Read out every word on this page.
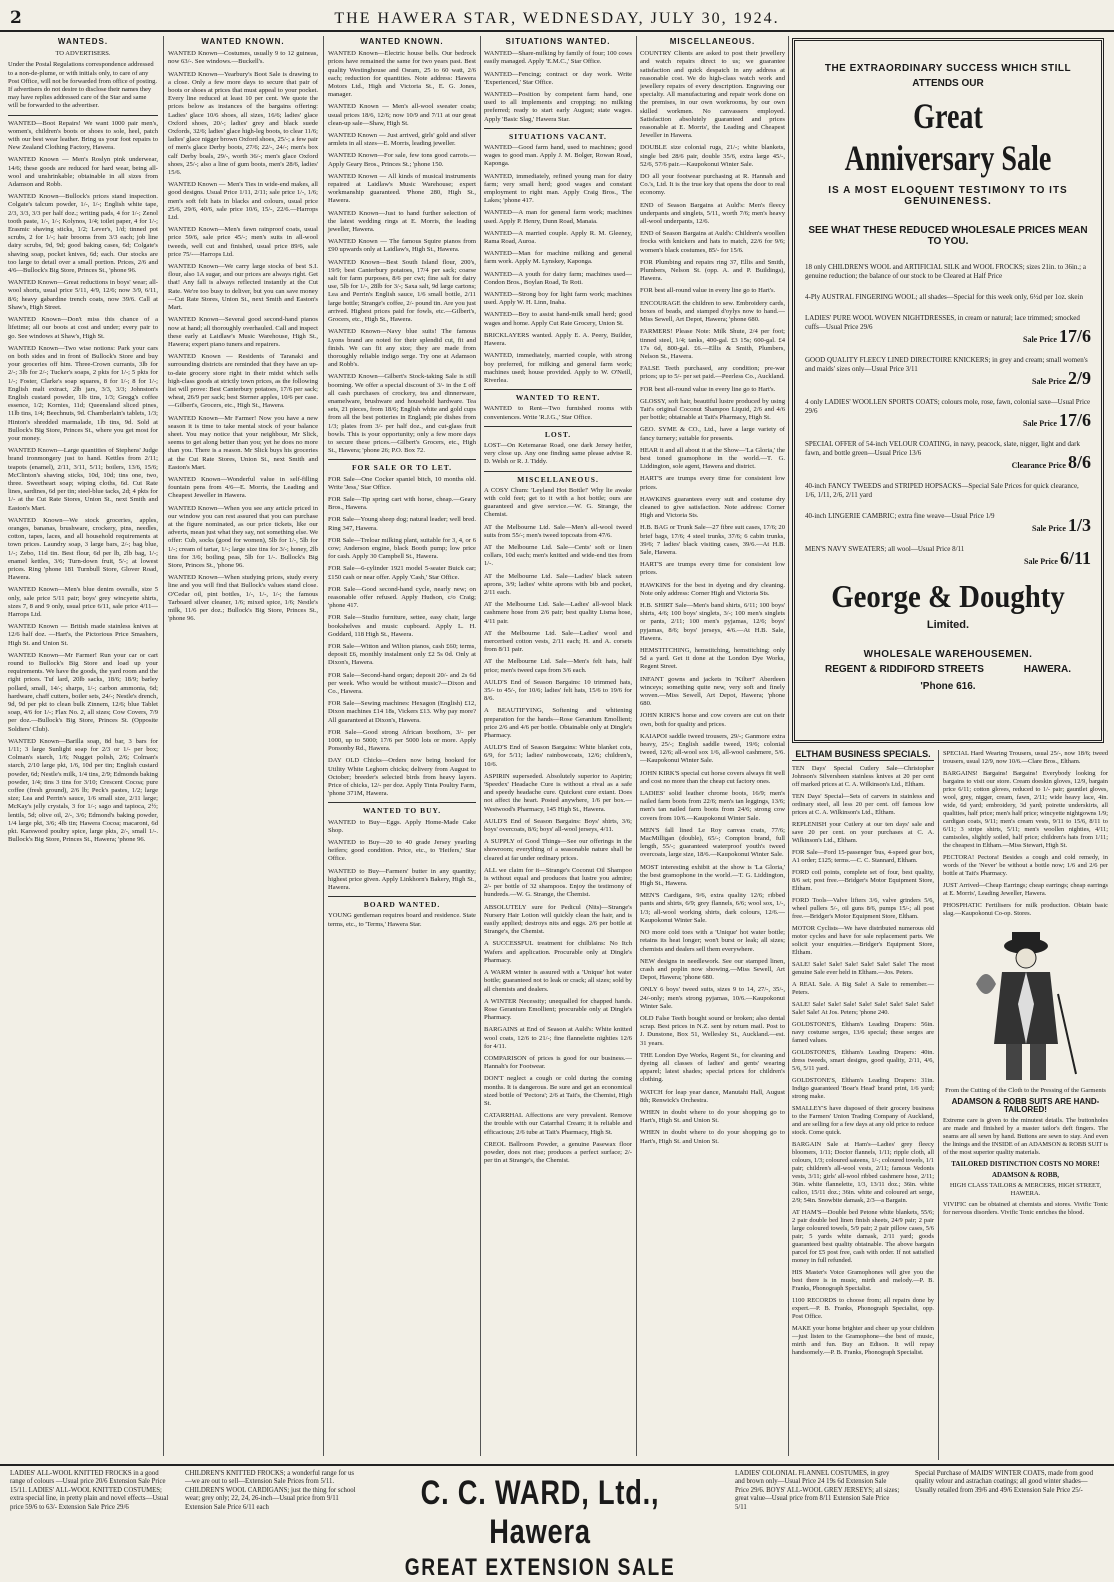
2	THE HAWERA STAR, WEDNESDAY, JULY 30, 1924.
WANTEDS.
TO ADVERTISERS.
Under the Postal Regulations correspondence addressed to a non-de-plume, or with initials only, to care of any Post Office, will not be forwarded from office of posting. If advertisers do not desire to disclose their names they may have replies addressed care of the Star and same will be forwarded to the advertiser.
WANTED—Boot Repairs! We want 1000 pair men's, women's, children's boots or shoes to sole, heel, patch with our best wear leather. Bring us your foot repairs to New Zealand Clothing Factory, Hawera.
WANTED Known — Men's Roslyn pink underwear, 14/6; these goods are reduced for hard wear, being all-wool and unshrinkable; obtainable in all sizes from Adamson and Robb.
WANTED Known—Bullock's prices stand inspection. Colgate's talcum powder, 1/-, 1/-; English white tape, 2/3, 3/3, 3/3 per half doz.; writing pads, 4 for 1/-; Zenol tooth paste, 1/-, 1/-; Kolynos, 1/4; toilet paper, 4 for 1/-; Erasmic shaving sticks, 1/2; Lever's, 1/d; tinned pot scrubs, 2 for 1/-; hair brooms from 3/3 each; job line dairy scrubs, 9d, 9d; good baking cases, 6d; Colgate's shaving soap, pocket knives, 6d; each. Our stocks are too large to detail over a small portion. Prices, 2/6 and 4/6—Bullock's Big Store, Princes St., 'phone 96.
WANTED Known—Great reductions in boys' wear; all-wool shorts, usual price 5/11, 4/9, 12/6; now 3/9, 6/11, 8/6; heavy gabardine trench coats, now 39/6. Call at Shaw's, High Street.
WANTED Known—Don't miss this chance of a lifetime; all our boots at cost and under; every pair to go. See windows at Shaw's, High St.
WANTED Known—Two wise notions: Park your cars on both sides and in front of Bullock's Store and buy your groceries off him. Three-Crown currants, 3lb for 2/-; 3lb for 2/-; Tucker's soaps, 2 pkts for 1/-; 5 pkts for 1/-; Foster, Clarke's soap squares, 8 for 1/-; 8 for 1/-; English malt extract, 2lb jars, 3/3, 3/3; Johnston's English custard powder, 1lb tins, 1/3; Gregg's coffee essence, 1/2; Kornies, 11d; Queensland sliced pines, 11lb tins, 1/4; Beechnuts, 9d. Chamberlain's tablets, 1/3; Hinton's shredded marmalade, 1lb tins, 9d. Sold at Bullock's Big Store, Princes St., where you get most for your money.
WANTED Known—Large quantities of Stephens' Judge brand ironmongery just to hand. Kettles from 2/11; teapots (enamel), 2/11, 3/11, 5/11; boilers, 13/6, 15/6; McClinton's shaving sticks, 10d, 10d; tins one, two, three. Sweetheart soap; wiping cloths, 6d. Cut Rate lines, sardines, 6d per tin; steel-blue tacks, 2d; 4 pkts for 1/- at the Cut Rate Stores, Union St., next Smith and Easton's Mart.
WANTED Known—We stock groceries, apples, oranges, bananas, brushware, crockery, pins, needles, cotton, tapes, laces, and all household requirements at town prices. Laundry soap, 3 large bars, 2/-; bag blue, 1/-; Zebo, 11d tin. Best flour, 6d per lb, 2lb bag, 1/-; enamel kettles, 3/6; Turn-down fruit, 5/-; at lowest prices. Ring 'phone 181 Turnbull Store, Glover Road, Hawera.
WANTED Known—Men's blue denim overalls, size 5 only, sale price 5/11 pair; boys' grey wincyette shirts, sizes 7, 8 and 9 only, usual price 6/11, sale price 4/11—Harrops Ltd.
WANTED Known — British made stainless knives at 12/6 half doz. —Hart's, the Pictorious Price Smashers, High St. and Union St.
WANTED Known—Mr Farmer! Run your car or cart round to Bullock's Big Store and load up your requirements. We have the goods, the yard room and the right prices. Tuf lard, 20lb sacks, 18/6; 18/9; barley pollard, small, 14/-; sharps, 1/-; carbon ammonia, 6d; hardware, chaff cutters, boiler sets, 24/-; Nestle's drench, 9d, 9d per pkt to clean bulk Zinnem, 12/6; blue Tablet soap, 4/6 for 1/-; Flax No. 2, all sizes; Cow Covers, 7/9 per doz.—Bullock's Big Store, Princes St. (Opposite Soldiers' Club).
WANTED Known—Barilla soap, 8d bar, 3 bars for 1/11; 3 large Sunlight soap for 2/3 or 1/- per box; Colman's starch, 1/6; Nugget polish, 2/6; Colman's starch, 2/10 large pkt, 1/6, 10d per tin; English custard powder, 6d; Nestle's milk, 1/4 tins, 2/9; Edmonds baking powder, 1/4; tins 3 tins for 3/10; Crescent Cocoa; pure coffee (fresh ground), 2/6 lb; Peck's pastes, 1/2; large size; Lea and Perrin's sauce, 1/6 small size, 2/11 large; McKay's jelly crystals, 3 for 1/-; sago and tapioca, 2½; lentils, 5d; olive oil, 2/-, 3/6; Edmond's baking powder, 1/4 large pkt, 3/6; 4lb tin; Hawera Cocoa; macaroni, 6d pkt. Karswood poultry spice, large pkts, 2/-, small 1/-. Bullock's Big Store, Princes St., Hawera; 'phone 96.
WANTED KNOWN.
WANTED Known—Costumes, usually 9 to 12 guineas, now 63/-. See windows.—Buckell's.
WANTED Known—Yearbury's Boot Sale is drawing to a close. Only a few more days to secure that pair of boots or shoes at prices that must appeal to your pocket. Every line reduced at least 10 per cent. We quote the prices below as instances of the bargains offering: Ladies' glace 10/6 shoes, all sizes, 16/6; ladies' glace Oxford shoes, 20/-; ladies' grey and black suede Oxfords, 32/6; ladies' glace high-leg boots, to clear 11/6; ladies' glace nigger brown Oxford shoes, 25/-; a few pair of men's glace Derby boots, 27/6; 22/-, 24/-; men's box calf Derby boals, 29/-, worth 36/-; men's glace Oxford shoes, 25/-; also a line of gum boots, men's 28/6, ladies' 15/6.
WANTED Known — Men's Ties in wide-end makes, all good designs. Usual Price 1/11, 2/11; sale price 1/-, 1/6; men's soft felt hats in blacks and colours, usual price 25/6, 29/6, 40/6, sale price 10/6, 15/-, 22/6.—Harrops Ltd.
WANTED Known—Men's fawn rainproof coats, usual price 59/6, sale price 45/-; men's suits in all-wool tweeds, well cut and finished, usual price 89/6, sale price 75/-—Harrops Ltd.
WANTED Known—We carry large stocks of best S.I. flour, also 1A sugar, and our prices are always right. Get that! Any fall is always reflected instantly at the Cut Rate. We're too busy to deliver, but you can save money—Cut Rate Stores, Union St., next Smith and Easton's Mart.
WANTED Known—Several good second-hand pianos now at hand; all thoroughly overhauled. Call and inspect these early at Laidlaw's Music Warehouse, High St., Hawera; expert piano tuners and repairers.
WANTED Known — Residents of Taranaki and surrounding districts are reminded that they have an up-to-date grocery store right in their midst which sells high-class goods at strictly town prices, as the following list will prove: Best Canterbury potatoes, 17/6 per sack; wheat, 26/9 per sack; best Sterner apples, 10/6 per case.—Gilbert's, Grocers, etc., High St., Hawera.
WANTED Known—Mr Farmer! Now you have a new season it is time to take mental stock of your balance sheet. You may notice that your neighbour, Mr Slick, seems to get along better than you; yet he does no more than you. There is a reason. Mr Slick buys his groceries at the Cut Rate Stores, Union St., next Smith and Easton's Mart.
WANTED Known—Wonderful value in self-filling fountain pens from 4/6—E. Morris, the Leading and Cheapest Jeweller in Hawera.
WANTED Known—When you see any article priced in our window you can rest assured that you can purchase at the figure nominated, as our price tickets, like our adverts, mean just what they say, not something else. We offer: Cub, socks (good for women), 5lb for 1/-, 5lb for 1/-; cream of tartar, 1/-; large size tins for 3/-; honey, 2lb tins for 3/6; boiling peas, 5lb for 1/-. Bullock's Big Store, Princes St., 'phone 96.
WANTED Known—When studying prices, study every line and you will find that Bullock's values stand close. O'Cedar oil, pint bottles, 1/-, 1/-, 1/-; the famous Tarboard silver cleaner, 1/6; mixed spice, 1/6; Nestle's milk, 11/6 per doz.; Bullock's Big Store, Princes St., 'phone 96.
WANTED KNOWN.
WANTED Known—Electric house bells. Our bedrock prices have remained the same for two years past. Best quality Westinghouse and Osram, 25 to 60 watt, 2/6 each; reduction for quantities. Note address: Hawera Motors Ltd., High and Victoria St., E. G. Jones, manager.
WANTED Known — Men's all-wool sweater coats; usual prices 18/6, 12/6; now 10/9 and 7/11 at our great clean-up sale—Shaw, High St.
WANTED Known — Just arrived, girls' gold and silver armlets in all sizes—E. Morris, leading jeweller.
WANTED Known—For sale, few tons good carrots.—Apply Geary Bros., Princes St.; 'phone 150.
WANTED Known — All kinds of musical instruments repaired at Laidlaw's Music Warehouse; expert workmanship guaranteed. 'Phone 280, High St., Hawera.
WANTED Known—Just to hand further selection of the latest wedding rings at E. Morris, the leading jeweller, Hawera.
WANTED Known — The famous Squire pianos from £90 upwards only at Laidlaw's, High St., Hawera.
WANTED Known—Best South Island flour, 200's, 19/9; best Canterbury potatoes, 17/4 per sack; coarse salt for farm purposes, 8/6 per cwt; fine salt for dairy use, 5lb for 1/-, 28lb for 3/-; Saxa salt, 9d large cartons; Lea and Perrin's English sauce, 1/6 small bottle, 2/11 large bottle; Strange's coffee, 2/- pound tin. Are you just arrived. Highest prices paid for fowls, etc.—Gilbert's, Grocers, etc., High St., Hawera.
WANTED Known—Navy blue suits! The famous Lyons brand are noted for their splendid cut, fit and finish. We can fit any size; they are made from thoroughly reliable indigo serge. Try one at Adamson and Robb's.
WANTED Known—Gilbert's Stock-taking Sale is still booming. We offer a special discount of 3/- in the £ off all cash purchases of crockery, tea and dinnerware, enamelware, brushware and household hardware. Tea sets, 21 pieces, from 18/6; English white and gold cups from all the best potteries in England; pie dishes from 1/3; plates from 3/- per half doz., and cut-glass fruit bowls. This is your opportunity; only a few more days to secure these prices.—Gilbert's Grocers, etc., High St., Hawera; 'phone 26; P.O. Box 72.
FOR SALE OR TO LET.
FOR Sale—One Cocker spaniel bitch, 10 months old. Write 'Jess,' Star Office.
FOR Sale—Tip spring cart with horse, cheap.—Geary Bros., Hawera.
FOR Sale—Young sheep dog; natural leader; well bred. Ring 347, Hawera.
FOR Sale—Treloar milking plant, suitable for 3, 4, or 6 cow; Anderson engine, black Booth pump; low price for cash. Apply 30 Campbell St., Hawera.
FOR Sale—6-cylinder 1921 model 5-seater Buick car; £150 cash or near offer. Apply 'Cash,' Star Office.
FOR Sale—Good second-hand cycle, nearly new; on reasonable offer refused. Apply Hudson, c/o Craig; 'phone 417.
FOR Sale—Studio furniture, settee, easy chair, large bookshelves and music cupboard. Apply L. H. Goddard, 118 High St., Hawera.
FOR Sale—Witton and Wilton pianos, cash £60; terms, deposit £6, monthly instalment only £2 5s 0d. Only at Dixon's, Hawera.
FOR Sale—Second-hand organ; deposit 20/- and 2s 6d per week. Who would be without music?—Dixon and Co., Hawera.
FOR Sale—Sewing machines: Hexagon (English) £12, Dixon machines £14 18s, Vickers £13. Why pay more? All guaranteed at Dixon's, Hawera.
FOR Sale—Good strong African boxthorn, 3/- per 1000, up to 5000; 17/6 per 5000 lots or more. Apply Ponsonby Rd., Hawera.
DAY OLD Chicks—Orders now being booked for Utility White Leghorn chicks; delivery from August to October; breeder's selected birds from heavy layers. Price of chicks, 12/- per doz. Apply Tinta Poultry Farm, 'phone 371M, Hawera.
WANTED TO BUY.
WANTED to Buy—Eggs. Apply Home-Made Cake Shop.
WANTED to Buy—20 to 40 grade Jersey yearling heifers; good condition. Price, etc., to 'Heifers,' Star Office.
WANTED to Buy—Farmers' butter in any quantity; highest price given. Apply Linkhorn's Bakery, High St., Hawera.
BOARD WANTED.
YOUNG gentleman requires board and residence. State terms, etc., to 'Terms,' Hawera Star.
SITUATIONS WANTED.
WANTED—Share-milking by family of four; 100 cows easily managed. Apply 'E.M.C.,' Star Office.
WANTED—Fencing; contract or day work. Write 'Experienced,' Star Office.
WANTED—Position by competent farm hand, one used to all implements and cropping; no milking preferred; ready to start early August; state wages. Apply 'Basic Slag,' Hawera Star.
SITUATIONS VACANT.
WANTED—Good farm hand, used to machines; good wages to good man. Apply J. M. Bolger, Rowan Road, Kaponga.
WANTED, immediately, refined young man for dairy farm; very small herd; good wages and constant employment to right man. Apply Craig Bros., The Lakes; 'phone 417.
WANTED—A man for general farm work; machines used. Apply P. Henry, Dunn Road, Manaia.
WANTED—A married couple. Apply R. M. Gleeney, Rama Road, Auroa.
WANTED—Man for machine milking and general farm work. Apply M. Lynskey, Kaponga.
WANTED—A youth for dairy farm; machines used—Condon Bros., Boylan Road, Te Roti.
WANTED—Strong boy for light farm work; machines used. Apply W. H. Linn, Inaha.
WANTED—Boy to assist hand-milk small herd; good wages and home. Apply Cut Rate Grocery, Union St.
BRICKLAYERS wanted. Apply E. A. Peery, Builder, Hawera.
WANTED, immediately, married couple, with strong boy preferred, for milking and general farm work; machines used; house provided. Apply to W. O'Neill, Riverlea.
WANTED TO RENT.
WANTED to Rent—Two furnished rooms with conveniences. Write 'R.J.G.,' Star Office.
LOST.
LOST—On Ketemarae Road, one dark Jersey heifer, very close up. Any one finding same please advise R. D. Welsh or R. J. Tiddy.
MISCELLANEOUS.
A COSY Chum: 'Leyland Hot Bottle!' Why lie awake with cold feet; get to it with a hot bottle; ours are guaranteed and give service.—W. G. Strange, the Chemist.
AT the Melbourne Ltd. Sale—Men's all-wool tweed suits from 55/-; men's tweed topcoats from 47/6.
AT the Melbourne Ltd. Sale—Cents' soft or linen collars, 10d each; men's knitted and wide-end ties from 1/-.
AT the Melbourne Ltd. Sale—Ladies' black sateen aprons, 3/9; ladies' white aprons with bib and pocket, 2/11 each.
AT the Melbourne Ltd. Sale—Ladies' all-wool black cashmere hose from 2/6 pair; best quality Lisma hose, 4/11 pair.
AT the Melbourne Ltd. Sale—Ladies' wool and mercerised cotton vests, 2/11 each; H. and A. corsets from 8/11 pair.
AT the Melbourne Ltd. Sale—Men's felt hats, half price; men's tweed caps from 3/6 each.
AULD'S End of Season Bargains: 10 trimmed hats, 35/- to 45/-, for 10/6; ladies' felt hats, 15/6 to 19/6 for 8/6.
A BEAUTIFYING, Softening and whitening preparation for the hands—Rose Geranium Emollient; price 2/6 and 4/6 per bottle. Obtainable only at Dingle's Pharmacy.
AULD'S End of Season Bargains: White blanket cots, 6/9, for 5/11; ladies' rainbowcoats, 12/6; children's, 10/6.
ASPIRIN superseded. Absolutely superior to Aspirin; 'Speedex' Headache Cure is without a rival as a safe and speedy headache cure. Quickest cure extant. Does not affect the heart. Posted anywhere, 1/6 per box.—Westwood's Pharmacy, 145 High St., Hawera.
AULD'S End of Season Bargains: Boys' shirts, 3/6; boys' overcoats, 8/6; boys' all-wool jerseys, 4/11.
A SUPPLY of Good Things—See our offerings in the showroom; everything of a seasonable nature shall be cleared at far under ordinary prices.
ALL we claim for it—Strange's Coconut Oil Shampoo is without equal and produces that lustre you admire; 2/- per bottle of 32 shampoos. Enjoy the testimony of hundreds.—W. G. Strange, the Chemist.
ABSOLUTELY sure for Pedicul (Nits)—Strange's Nursery Hair Lotion will quickly clean the hair, and is easily applied; destroys nits and eggs. 2/6 per bottle at Strange's, the Chemist.
A SUCCESSFUL treatment for chilblains: No Itch Wafers and application. Procurable only at Dingle's Pharmacy.
A WARM winter is assured with a 'Unique' hot water bottle; guaranteed not to leak or crack; all sizes; sold by all chemists and dealers.
A WINTER Necessity; unequalled for chapped hands. Rose Geranium Emollient; procurable only at Dingle's Pharmacy.
BARGAINS at End of Season at Auld's: White knitted wool coats, 12/6 to 21/-; fine flannelette nighties 12/6 for 4/11.
COMPARISON of prices is good for our business.—Hannah's for Footwear.
DON'T neglect a cough or cold during the coming months. It is dangerous. Be sure and get an economical sized bottle of 'Pectora'; 2/6 at Tait's, the Chemist, High St.
CATARRHAL Affections are very prevalent. Remove the trouble with our Catarrhal Cream; it is reliable and efficacious; 2/6 tube at Tait's Pharmacy, High St.
CREOL Ballroom Powder, a genuine Pasewax floor powder, does not rise; produces a perfect surface; 2/- per tin at Strange's, the Chemist.
MISCELLANEOUS.
COUNTRY Clients are asked to post their jewellery and watch repairs direct to us; we guarantee satisfaction and quick despatch in any address at reasonable cost. We do high-class watch work and jewellery repairs of every description. Engraving our specialty. All manufacturing and repair work done on the premises, in our own workrooms, by our own skilled workmen. No canvassers employed. Satisfaction absolutely guaranteed and prices reasonable at E. Morris', the Leading and Cheapest Jeweller in Hawera.
DOUBLE size colonial rugs, 21/-; white blankets, single bed 28/6 pair, double 35/6, extra large 45/-, 52/6, 57/6 pair.—Kaupokonui Winter Sale.
DO all your footwear purchasing at R. Hannah and Co.'s, Ltd. It is the true key that opens the door to real economy.
END of Season Bargains at Auld's: Men's fleecy underpants and singlets, 5/11, worth 7/6; men's heavy all-wool underpants, 12/6.
END of Season Bargains at Auld's: Children's woollen frocks with knickers and hats to match, 22/6 for 9/6; women's black costumes, 85/- for 15/6.
FOR Plumbing and repairs ring 37, Ellis and Smith, Plumbers, Nelson St. (opp. A. and P. Buildings), Hawera.
FOR best all-round value in every line go to Hart's.
ENCOURAGE the children to sew. Embroidery cards, boxes of beads, and stamped d'oylys now to hand.—Miss Sewell, Art Depot, Hawera; 'phone 680.
FARMERS! Please Note: Milk Shute, 2/4 per foot; tinned steel, 1/4; tanks, 400-gal. £3 15s; 600-gal. £4 17s 6d, 800-gal. £6.—Ellis & Smith, Plumbers, Nelson St., Hawera.
FALSE Teeth purchased, any condition; pre-war prices; up to 5/- per set paid.—Peerless Co., Auckland.
FOR best all-round value in every line go to Hart's.
GLOSSY, soft hair, beautiful lustre produced by using Tait's original Coconut Shampoo Liquid, 2/6 and 4/6 per bottle; obtainable at Tait's Pharmacy, High St.
GEO. SYME & CO., Ltd., have a large variety of fancy turnery; suitable for presents.
HEAR it and all about it at the Show—'La Gloria,' the best toned gramophone in the world.—T. G. Liddington, sole agent, Hawera and district.
HART'S are trumps every time for consistent low prices.
HAWKINS guarantees every suit and costume dry cleaned to give satisfaction. Note address: Corner High and Victoria Sts.
H.B. BAG or Trunk Sale—27 fibre suit cases, 17/6; 20 brief bags, 17/6; 4 steel trunks, 37/6; 6 cabin trunks, 39/6; 7 ladies' black visiting cases, 39/6.—At H.B. Sale, Hawera.
HART'S are trumps every time for consistent low prices.
HAWKINS for the best in dyeing and dry cleaning. Note only address: Corner High and Victoria Sts.
H.B. SHIRT Sale—Men's band shirts, 6/11; 100 boys' shirts, 4/6; 100 boys' singlets, 3/-; 100 men's singlets or pants, 2/11; 100 men's pyjamas, 12/6; boys' pyjamas, 8/6; boys' jerseys, 4/6.—At H.B. Sale, Hawera.
HEMSTITCHING, hemstitching, hemstitching; only 5d a yard. Get it done at the London Dye Works, Regent Street.
INFANT gowns and jackets in 'Kilter!' Aberdeen winceys; something quite new, very soft and finely woven.—Miss Sewell, Art Depot, Hawera; 'phone 680.
JOHN KIRK'S horse and cow covers are cut on their own, both for quality and prices.
KAIAPOI saddle tweed trousers, 29/-; Ganmore extra heavy, 25/-; English saddle tweed, 19/6; colonial tweed, 12/6; all-wool sox 1/6, all-wool cashmere, 5/6.—Kaupokonui Winter Sale.
JOHN KIRK'S special cut horse covers always fit well and cost no more than the cheap cut factory ones.
LADIES' solid leather chrome boots, 16/9; men's nailed farm boots from 22/6; men's tan leggings, 13/6; men's tan nailed farm boots from 24/6; strong cow covers from 10/6.—Kaupokonui Winter Sale.
MEN'S fall lined Le Roy canvas coats, 77/6; MacMilligan (double), 65/-; Compton brand, full length, 55/-; guaranteed waterproof youth's tweed overcoats, large size, 18/6.—Kaupokonui Winter Sale.
MOST interesting exhibit at the show is 'La Gloria,' the best gramophone in the world.—T. G. Liddington, High St., Hawera.
MEN'S Cardigans, 9/6, extra quality 12/6; ribbed pants and shirts, 6/9; grey flannels, 6/6; wool sox, 1/-, 1/3; all-wool working shirts, dark colours, 12/6.—Kaupokonui Winter Sale.
NO more cold toes with a 'Unique' hot water bottle; retains its heat longer; won't burst or leak; all sizes; chemists and dealers sell them everywhere.
NEW designs in needlework. See our stamped linen, crash and poplin now showing.—Miss Sewell, Art Depot, Hawera; 'phone 680.
ONLY 6 boys' tweed suits, sizes 9 to 14, 27/-, 35/-, 24/-only; men's strong pyjamas, 10/6.—Kaupokonui Winter Sale.
OLD False Teeth bought sound or broken; also dental scrap. Best prices in N.Z. sent by return mail. Post to J. Dunstone, Box 51, Wellesley St., Auckland.—est. 31 years.
THE London Dye Works, Regent St., for cleaning and dyeing all classes of ladies' and gents' wearing apparel; latest shades; special prices for children's clothing.
WATCH for leap year dance, Manutahi Hall, August 8th; Renwick's Orchestra.
WHEN in doubt where to do your shopping go to Hart's, High St. and Union St.
WHEN in doubt where to do your shopping go to Hart's, High St. and Union St.
THE EXTRAORDINARY SUCCESS WHICH STILL
ATTENDS OUR
Great Anniversary Sale
IS A MOST ELOQUENT TESTIMONY TO ITS GENUINENESS.
SEE WHAT THESE REDUCED WHOLESALE PRICES MEAN TO YOU.
18 only CHILDREN'S WOOL and ARTIFICIAL SILK and WOOL FROCKS; sizes 21in. to 36in.; a genuine reduction; the balance of our stock to be Cleared at Half Price
4-Ply AUSTRAL FINGERING WOOL; all shades—Special for this week only, 6½d per 1oz. skein
LADIES' PURE WOOL WOVEN NIGHTDRESSES, in cream or natural; lace trimmed; smocked cuffs—Usual Price 29/6
Sale Price 17/6
GOOD QUALITY FLEECY LINED DIRECTOIRE KNICKERS; in grey and cream; small women's and maids' sizes only—Usual Price 3/11
Sale Price 2/9
4 only LADIES' WOOLLEN SPORTS COATS; colours mole, rose, fawn, colonial saxe—Usual Price 29/6
Sale Price 17/6
SPECIAL OFFER of 54-inch VELOUR COATING, in navy, peacock, slate, nigger, light and dark fawn, and bottle green—Usual Price 13/6
Clearance Price 8/6
40-inch FANCY TWEEDS and STRIPED HOPSACKS—Special Sale Prices for quick clearance, 1/6, 1/11, 2/6, 2/11 yard
40-inch LINGERIE CAMBRIC; extra fine weave—Usual Price 1/9
Sale Price 1/3
MEN'S NAVY SWEATERS; all wool—Usual Price 8/11
Sale Price 6/11
George & Doughty
Limited.
WHOLESALE WAREHOUSEMEN.
REGENT & RIDDIFORD STREETS	HAWERA.
'Phone 616.
ELTHAM BUSINESS SPECIALS.
TEN Days' Special Cutlery Sale—Christopher Johnson's Silversheen stainless knives at 20 per cent off marked prices at C. A. Wilkinson's Ltd., Eltham.
TEN Days' Special—Sets of carvers in stainless and ordinary steel, all less 20 per cent. off famous low prices at C. A. Wilkinson's Ltd., Eltham.
REPLENISH your Cutlery at our ten days' sale and save 20 per cent. on your purchases at C. A. Wilkinson's Ltd., Eltham.
FOR Sale—Ford 15-passenger 'bus, 4-speed gear box, A1 order; £125; terms.—C. C. Stannard, Eltham.
FORD coil points, complete set of four, best quality, 8/6 set; post free.—Bridger's Motor Equipment Store, Eltham.
FORD Tools—Valve lifters 3/6, valve grinders 5/6, wheel pullers 5/-, oil guns 8/6, pumps 15/-; all post free.—Bridger's Motor Equipment Store, Eltham.
MOTOR Cyclists—We have distributed numerous old motor cycles and have for sale replacement parts. We solicit your enquiries.—Bridger's Equipment Store, Eltham.
SALE! Sale! Sale! Sale! Sale! Sale! Sale! The most genuine Sale ever held in Eltham.—Jos. Peters.
A REAL Sale. A Big Sale! A Sale to remember.—Peters.
SALE! Sale! Sale! Sale! Sale! Sale! Sale! Sale! Sale! Sale! Sale! At Jos. Peters; 'phone 240.
GOLDSTONE'S, Eltham's Leading Drapers: 56in. navy costume serges, 13/6 special; these serges are famed values.
GOLDSTONE'S, Eltham's Leading Drapers: 40in. dress tweeds, smart designs, good quality, 2/11, 4/6, 5/6, 5/11 yard.
GOLDSTONE'S, Eltham's Leading Drapers: 31in. Indigo guaranteed 'Boar's Head' brand print, 1/6 yard; strong make.
SMALLEY'S have disposed of their grocery business to the Farmers' Union Trading Company of Auckland, and are selling for a few days at any old price to reduce stock. Come quick.
BARGAIN Sale at Ham's—Ladies' grey fleecy bloomers, 1/11; Doctor flannels, 1/11; ripple cloth, all colours, 1/3; coloured sateens, 1/-; coloured towels, 1/1 pair; children's all-wool vests, 2/11; famous Vedonis vests, 3/11; girls' all-wool ribbed cashmere hose, 2/11; 36in. white flannelette, 1/3, 13/11 doz.; 36in. white calico, 15/11 doz.; 36in. white and coloured art serge, 2/9; 54in. Snowbite damask, 2/3—a Bargain.
AT HAM'S—Double bed Petone white blankets, 55/6; 2 pair double bed linen finish sheets, 24/9 pair; 2 pair large coloured towels, 5/9 pair; 2 pair pillow cases, 5/6 pair; 5 yards white damask, 2/11 yard; goods guaranteed best quality obtainable. The above bargain parcel for £5 post free, cash with order. If not satisfied money in full refunded.
HIS Master's Voice Gramophones will give you the best there is in music, mirth and melody.—P. B. Franks, Phonograph Specialist.
1100 RECORDS to choose from; all repairs done by expert.—P. B. Franks, Phonograph Specialist, opp. Post Office.
MAKE your home brighter and cheer up your children—just listen to the Gramophone—the best of music, mirth and fun. Buy an Edison. It will repay handsomely.—P. B. Franks, Phonograph Specialist.
SPECIAL Hard Wearing Trousers, usual 25/-, now 18/6; tweed trousers, usual 12/9, now 10/6.—Clare Bros., Eltham.
BARGAINS! Bargains! Bargains! Everybody looking for bargains to visit our store. Cream doeskin gloves, 12/9, bargain price 6/11; cotton gloves, reduced to 1/- pair; gauntlet gloves, wool, grey, nigger, cream, fawn, 2/11; wide heavy lace, 4in. wide, 6d yard; embroidery, 3d yard; poirette underskirts, all qualities, half price; men's half price; wincyette nightgowns 1/9; cardigan coats, 9/11; men's cream vests, 9/11 to 15/6, 8/11 to 6/11; 3 stripe shirts, 5/11; men's woollen nighties, 4/11; camisoles, slightly soiled, half price; children's hats from 1/11; the cheapest in Eltham.—Miss Stewart, High St.
PECTORA! Pectora! Besides a cough and cold remedy, in words of the 'Never' be without a bottle now; 1/6 and 2/6 per bottle at Tait's Pharmacy.
JUST Arrived—Cheap Earrings; cheap earrings; cheap earrings at E. Morris', Leading Jeweller, Hawera.
PHOSPHATIC Fertilisers for milk production. Obtain basic slag.—Kaupokonui Co-op. Stores.
From the Cutting of the Cloth to the Pressing of the Garments
ADAMSON & ROBB SUITS ARE HAND-TAILORED!
Extreme care is given to the minutest details. The buttonholes are made and finished by a master tailor's deft fingers. The seams are all sewn by hand. Buttons are sewn to stay. And even the linings and the INSIDE of an ADAMSON & ROBB SUIT is of the most superior quality materials.
TAILORED DISTINCTION COSTS NO MORE!
ADAMSON & ROBB,
HIGH CLASS TAILORS & MERCERS, HIGH STREET, HAWERA.
VIVIFIC can be obtained at chemists and stores. Vivific Tonic for nervous disorders. Vivific Tonic enriches the blood.
LADIES' ALL-WOOL KNITTED FROCKS in a good range of colours —Usual price 20/6 Extension Sale Price 15/11. LADIES' ALL-WOOL KNITTED COSTUMES; extra special line, in pretty plain and novel effects—Usual price 59/6 to 63/- Extension Sale Price 29/6
CHILDREN'S KNITTED FROCKS; a wonderful range for us—we are out to sell—Extension Sale Prices from 5/11. CHILDREN'S WOOL CARDIGANS; just the thing for school wear; grey only; 22, 24, 26-inch—Usual price from 9/11 Extension Sale Price 6/11 each	C. C. WARD, Ltd., Hawera
GREAT EXTENSION SALE
LADIES' COLONIAL FLANNEL COSTUMES, in grey and brown only—Usual Price 24 19s 6d Extension Sale Price 29/6. BOYS' ALL-WOOL GREY JERSEYS; all sizes; great value—Usual price from 8/11 Extension Sale Price 5/11
Special Purchase of MAIDS' WINTER COATS, made from good quality velour and astrachan coatings; all good winter shades—Usually retailed from 39/6 and 49/6 Extension Sale Price 25/-
